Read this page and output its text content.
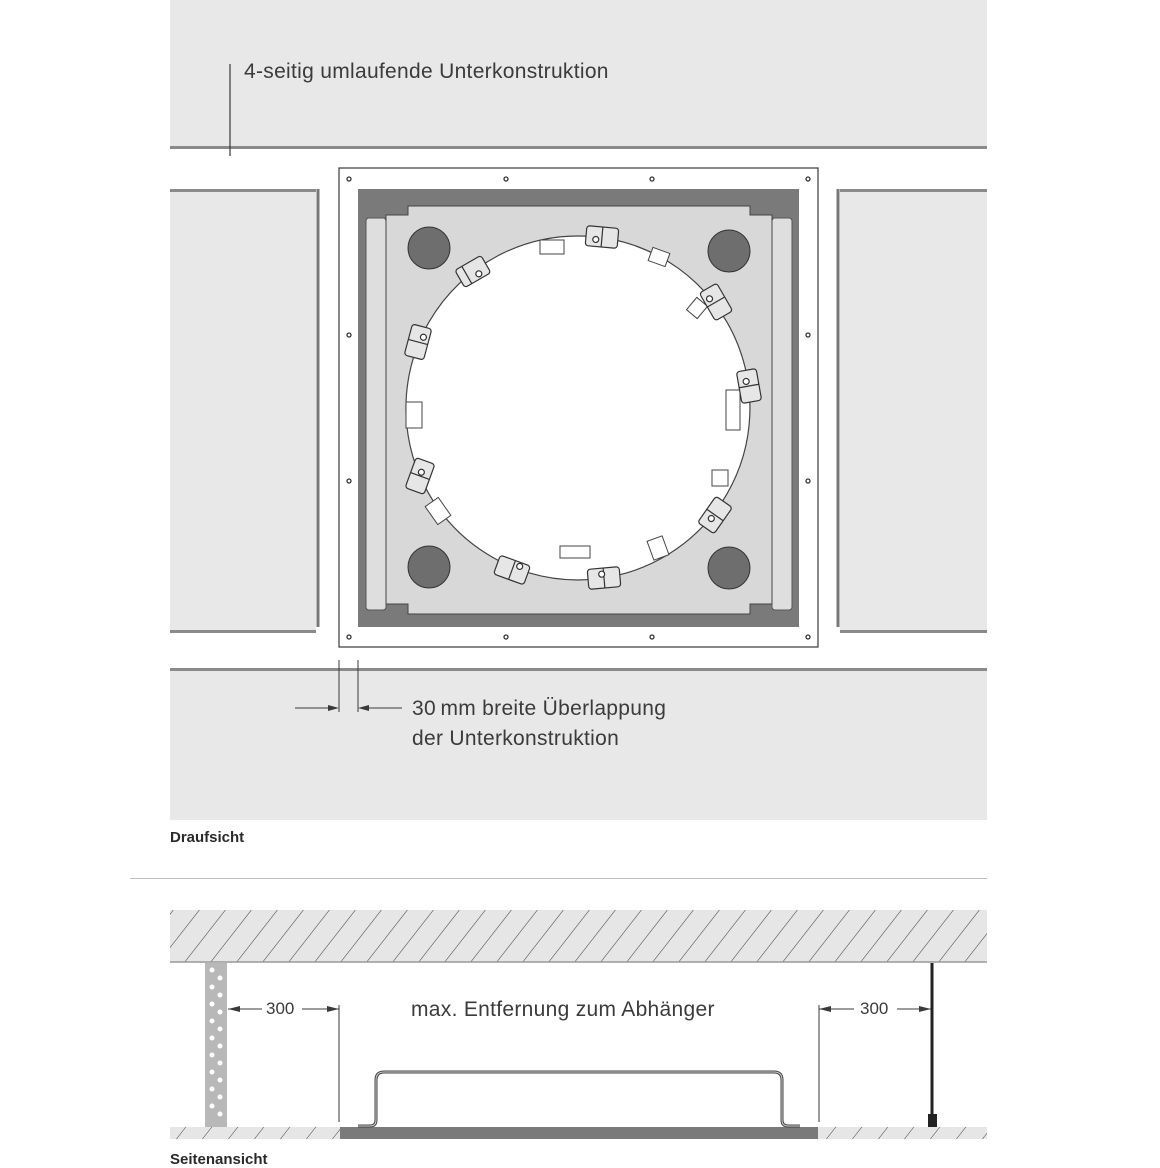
4-seitig umlaufende Unterkonstruktion
30 mm breite Überlappung
der Unterkonstruktion
Draufsicht
300	300
max. Entfernung zum Abhänger
Seitenansicht
